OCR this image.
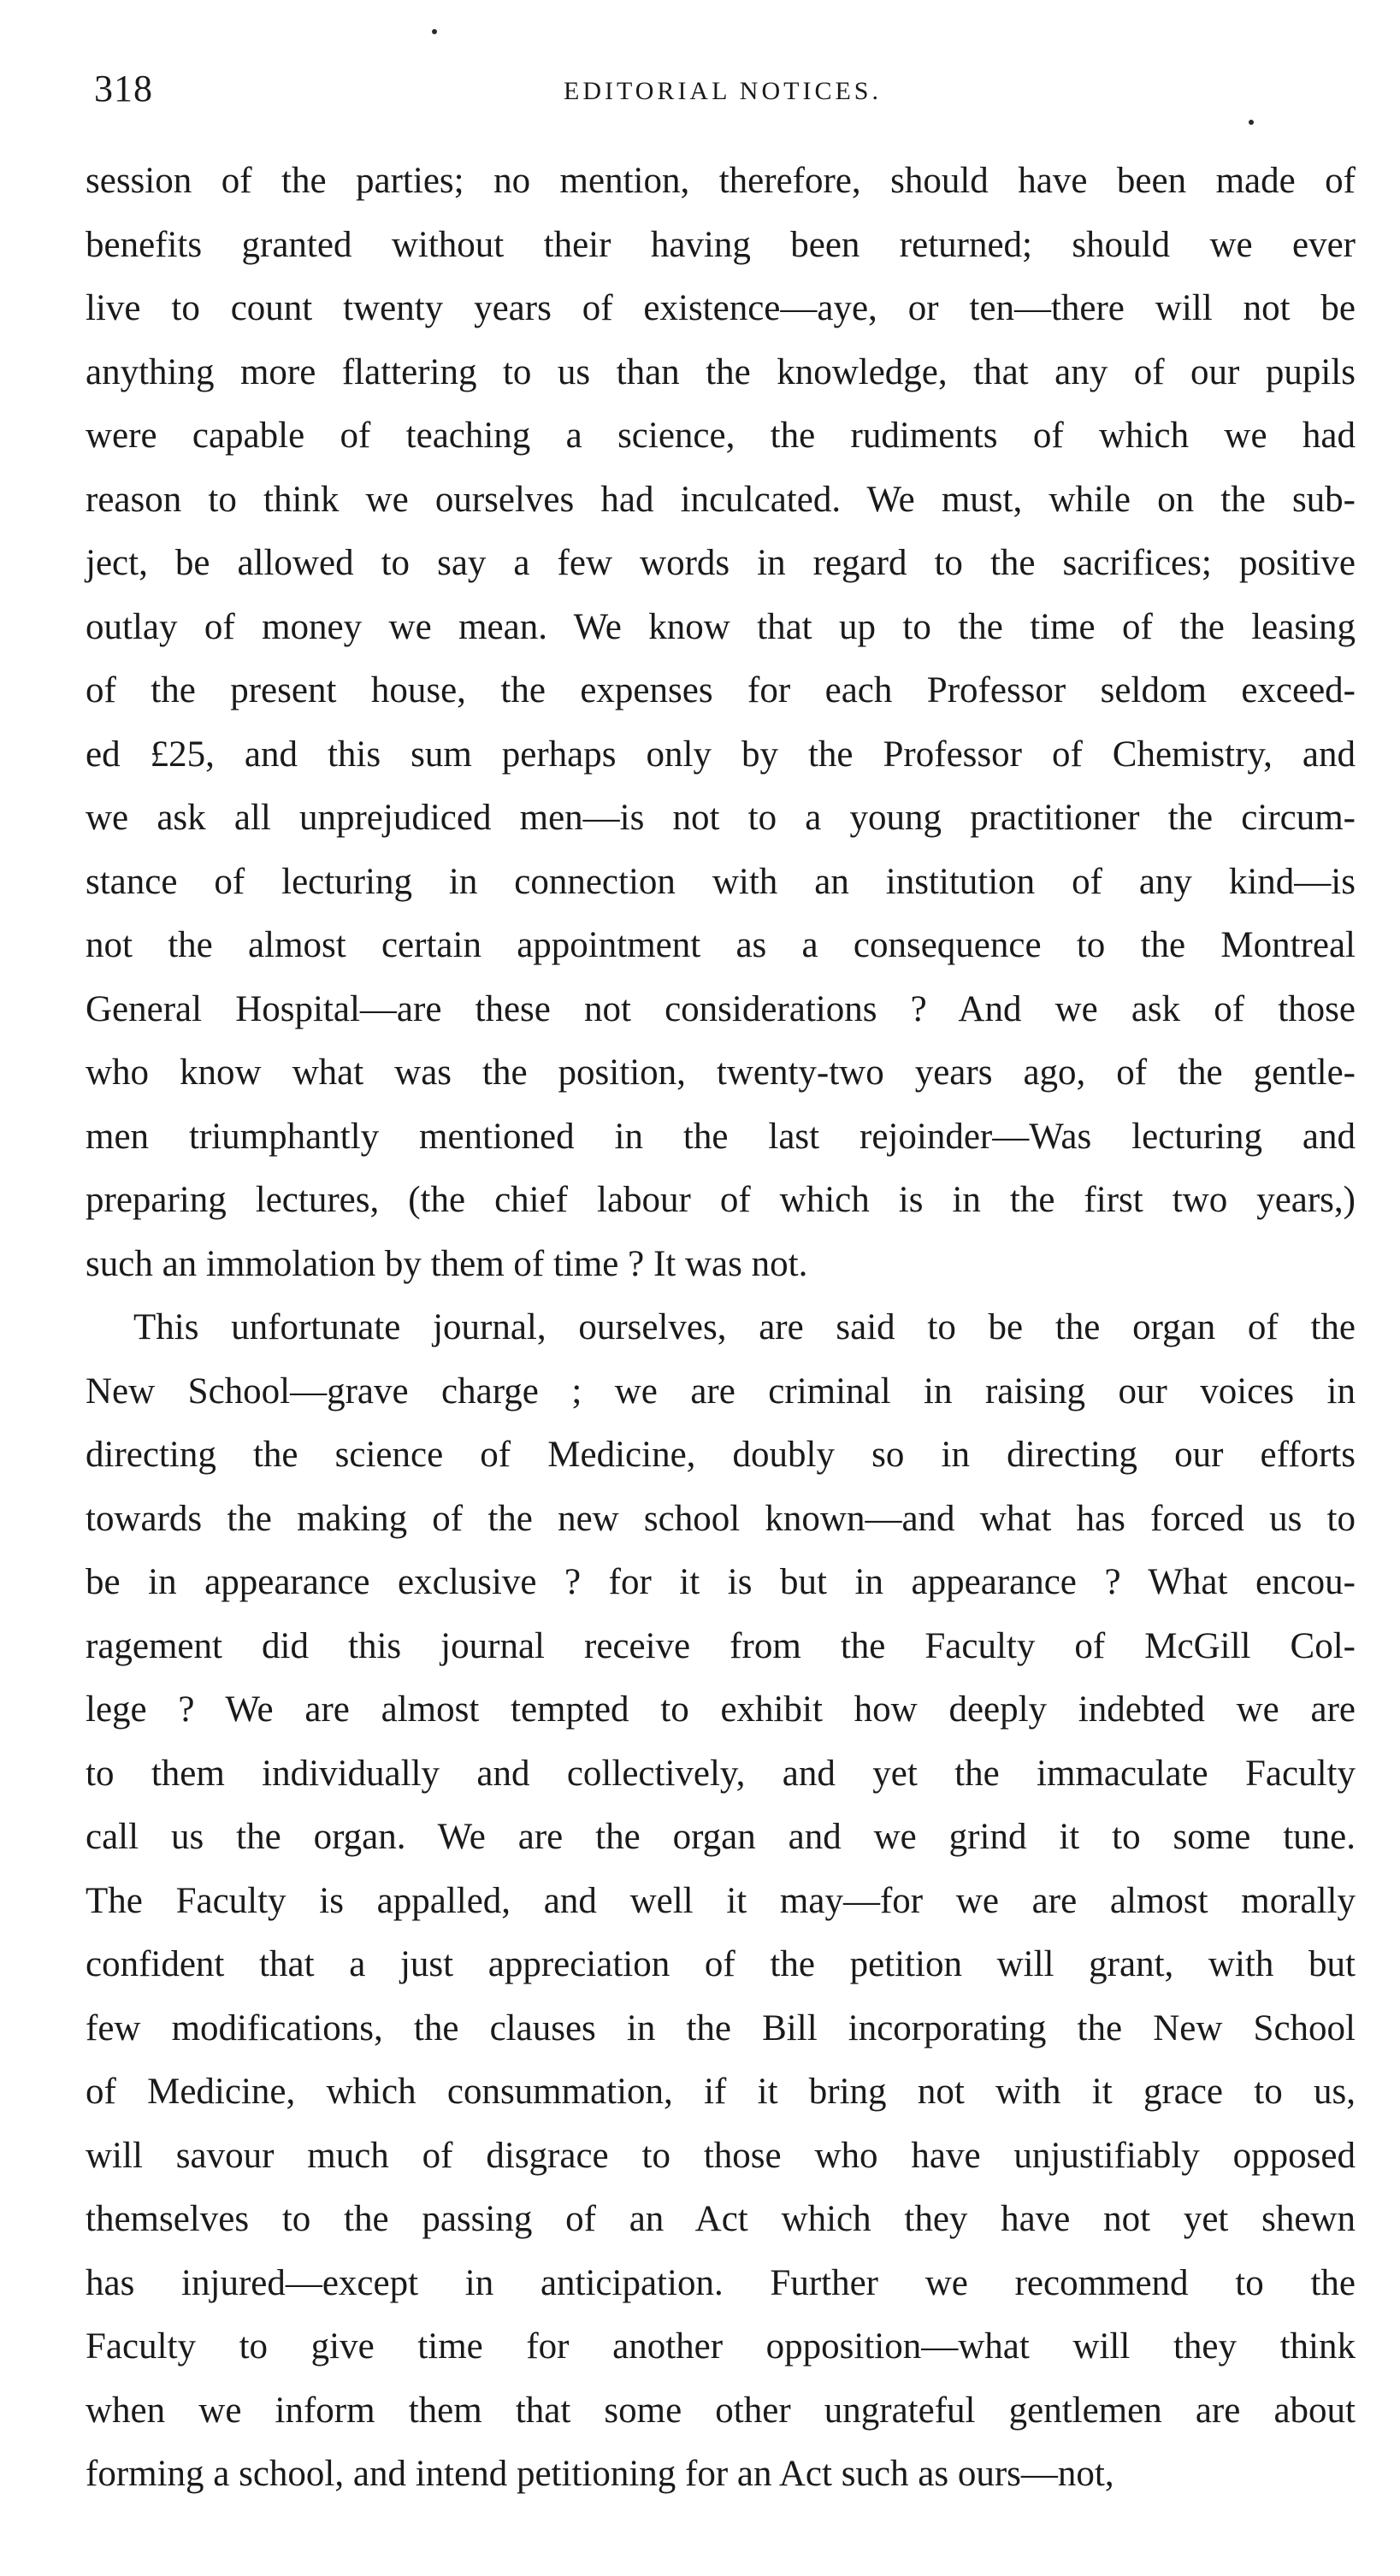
318	EDITORIAL NOTICES.
session of the parties; no mention, therefore, should have been made of
benefits granted without their having been returned; should we ever
live to count twenty years of existence—aye, or ten—there will not be
anything more flattering to us than the knowledge, that any of our pupils
were capable of teaching a science, the rudiments of which we had
reason to think we ourselves had inculcated. We must, while on the sub-
ject, be allowed to say a few words in regard to the sacrifices; positive
outlay of money we mean. We know that up to the time of the leasing
of the present house, the expenses for each Professor seldom exceed-
ed £25, and this sum perhaps only by the Professor of Chemistry, and
we ask all unprejudiced men—is not to a young practitioner the circum-
stance of lecturing in connection with an institution of any kind—is
not the almost certain appointment as a consequence to the Montreal
General Hospital—are these not considerations ? And we ask of those
who know what was the position, twenty-two years ago, of the gentle-
men triumphantly mentioned in the last rejoinder—Was lecturing and
preparing lectures, (the chief labour of which is in the first two years,)
such an immolation by them of time ? It was not.
This unfortunate journal, ourselves, are said to be the organ of the
New School—grave charge ; we are criminal in raising our voices in
directing the science of Medicine, doubly so in directing our efforts
towards the making of the new school known—and what has forced us to
be in appearance exclusive ? for it is but in appearance ? What encou-
ragement did this journal receive from the Faculty of McGill Col-
lege ? We are almost tempted to exhibit how deeply indebted we are
to them individually and collectively, and yet the immaculate Faculty
call us the organ. We are the organ and we grind it to some tune.
The Faculty is appalled, and well it may—for we are almost morally
confident that a just appreciation of the petition will grant, with but
few modifications, the clauses in the Bill incorporating the New School
of Medicine, which consummation, if it bring not with it grace to us,
will savour much of disgrace to those who have unjustifiably opposed
themselves to the passing of an Act which they have not yet shewn
has injured—except in anticipation. Further we recommend to the
Faculty to give time for another opposition—what will they think
when we inform them that some other ungrateful gentlemen are about
forming a school, and intend petitioning for an Act such as ours—not,
